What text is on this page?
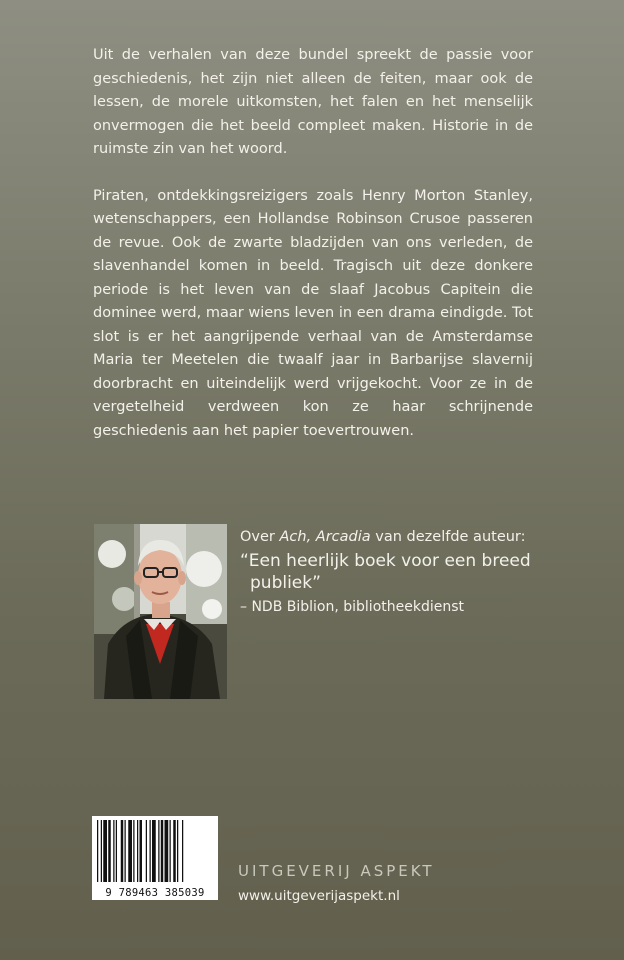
Uit de verhalen van deze bundel spreekt de passie voor geschiedenis, het zijn niet alleen de feiten, maar ook de lessen, de morele uitkomsten, het falen en het menselijk onvermogen die het beeld compleet maken. Historie in de ruimste zin van het woord.

Piraten, ontdekkingsreizigers zoals Henry Morton Stanley, wetenschappers, een Hollandse Robinson Crusoe passeren de revue. Ook de zwarte bladzijden van ons verleden, de slavenhandel komen in beeld. Tragisch uit deze donkere periode is het leven van de slaaf Jacobus Capitein die dominee werd, maar wiens leven in een drama eindigde. Tot slot is er het aangrijpende verhaal van de Amsterdamse Maria ter Meetelen die twaalf jaar in Barbarijse slavernij doorbracht en uiteindelijk werd vrijgekocht. Voor ze in de vergetelheid verdween kon ze haar schrijnende geschiedenis aan het papier toevertrouwen.

Over Ach, Arcadia van dezelfde auteur:
“Een heerlijk boek voor een breed
publiek”
– NDB Biblion, bibliotheekdienst
9 789463 385039
UITGEVERIJ ASPEKT
www.uitgeverijaspekt.nl
